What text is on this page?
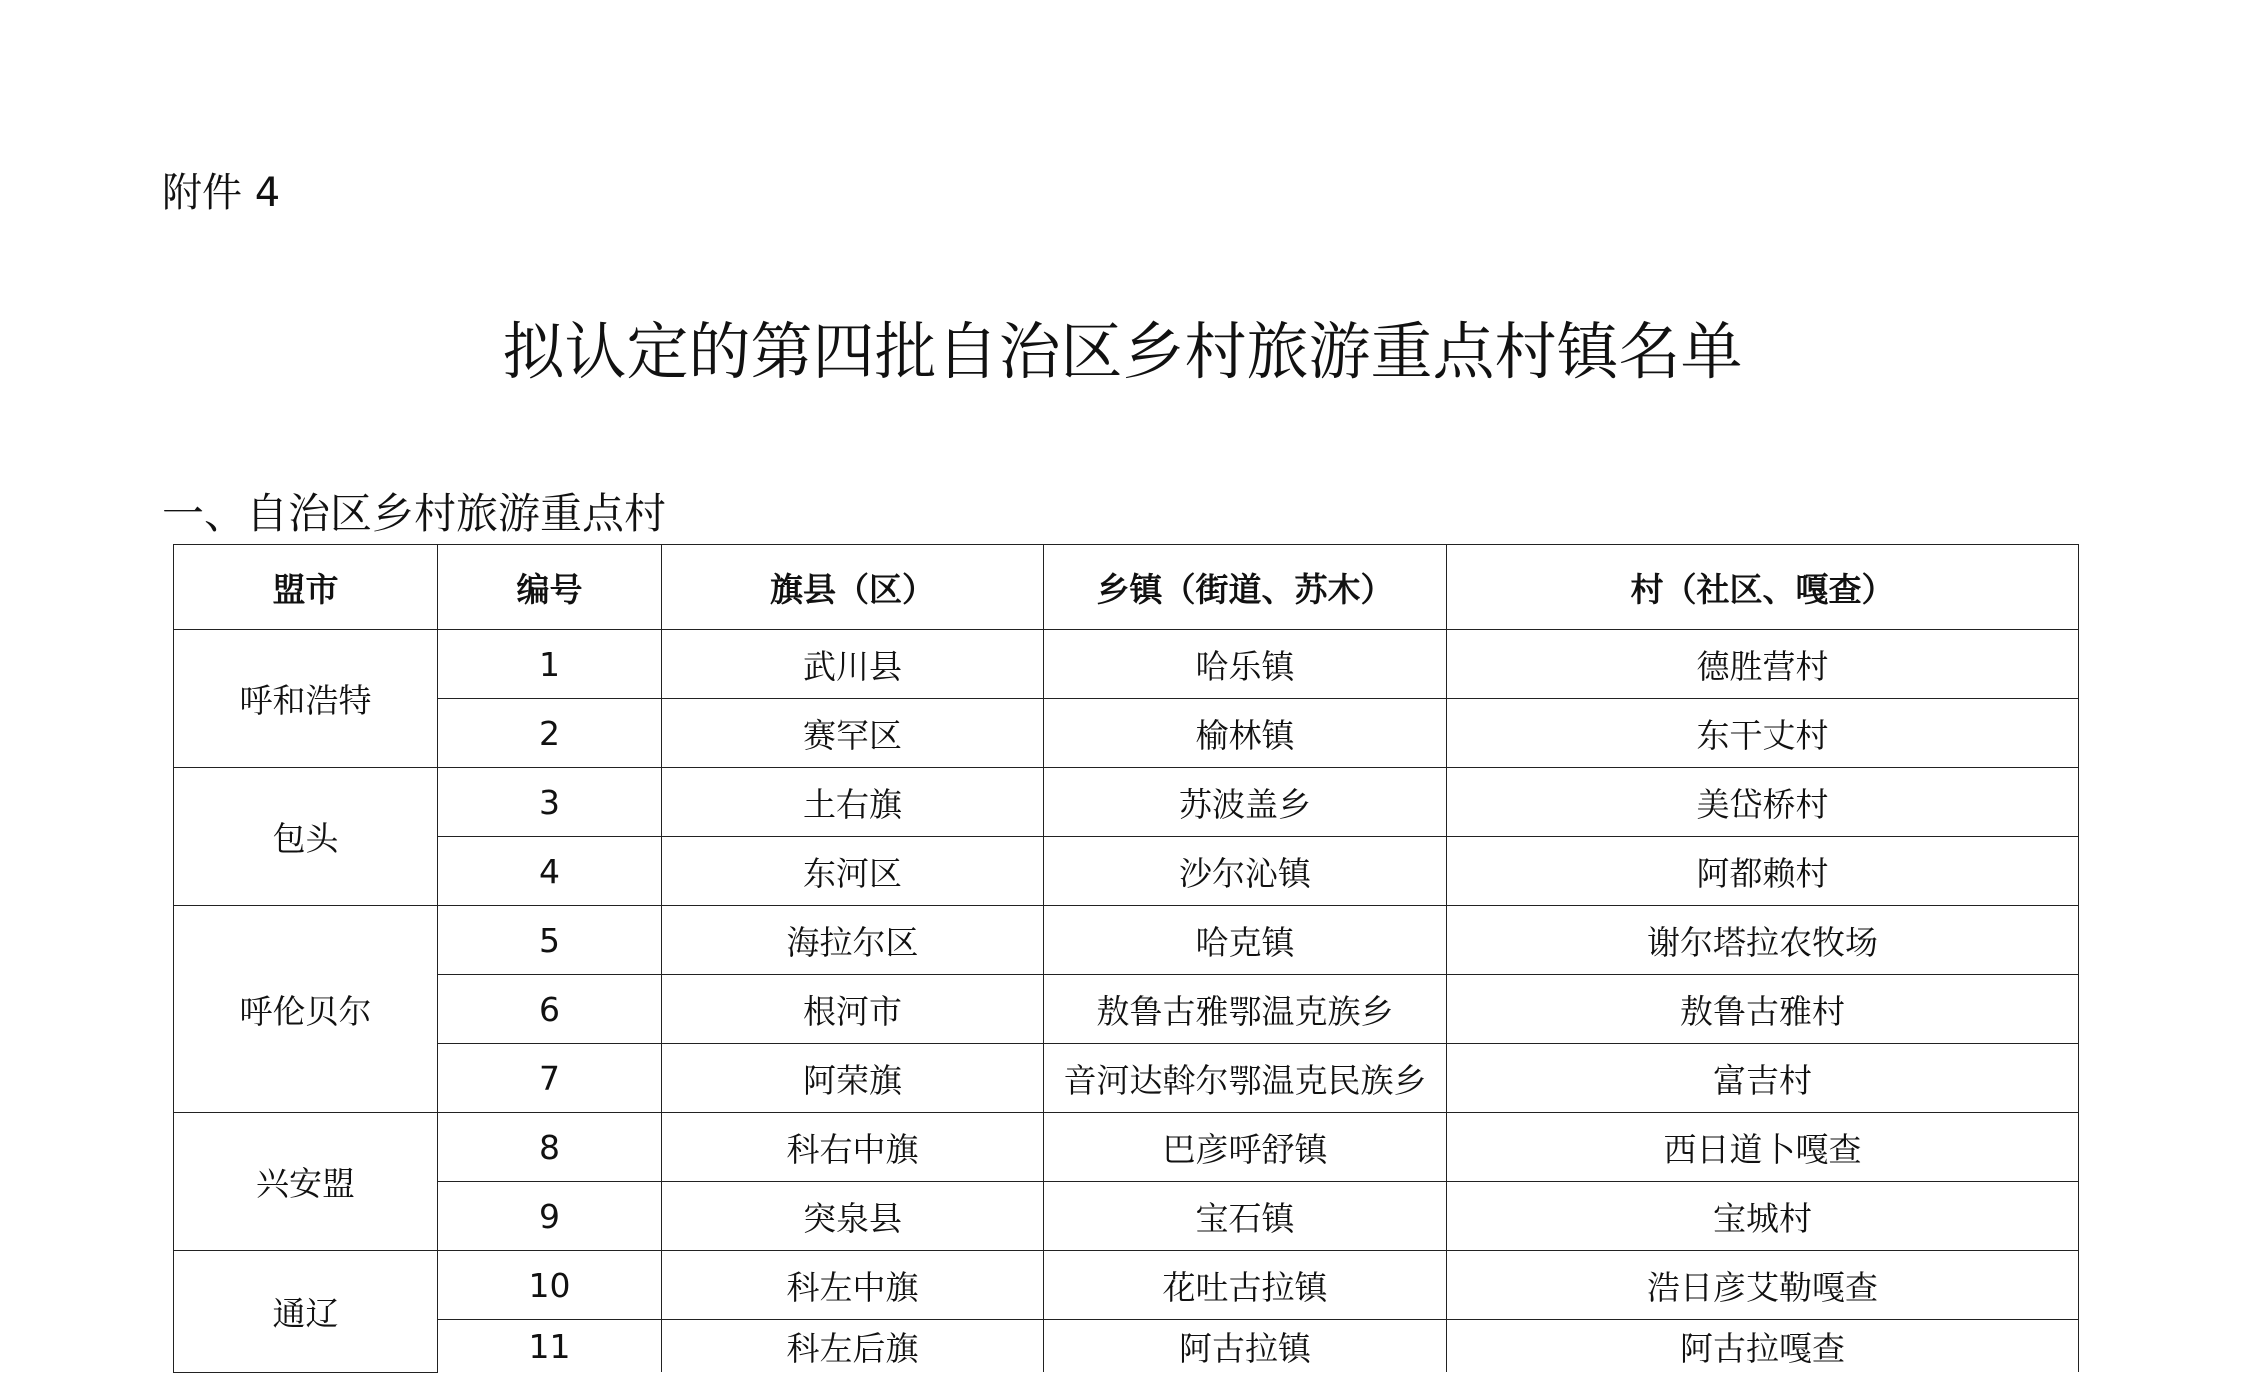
附件 4
拟认定的第四批自治区乡村旅游重点村镇名单
一、自治区乡村旅游重点村
盟市	编号	旗县（区）	乡镇（街道、苏木）	村（社区、嘎查）
呼和浩特	1	武川县	哈乐镇	德胜营村
	2	赛罕区	榆林镇	东干丈村
包头	3	土右旗	苏波盖乡	美岱桥村
	4	东河区	沙尔沁镇	阿都赖村
呼伦贝尔	5	海拉尔区	哈克镇	谢尔塔拉农牧场
	6	根河市	敖鲁古雅鄂温克族乡	敖鲁古雅村
	7	阿荣旗	音河达斡尔鄂温克民族乡	富吉村
兴安盟	8	科右中旗	巴彦呼舒镇	西日道卜嘎查
	9	突泉县	宝石镇	宝城村
通辽	10	科左中旗	花吐古拉镇	浩日彦艾勒嘎查
	11	科左后旗	阿古拉镇	阿古拉嘎查
